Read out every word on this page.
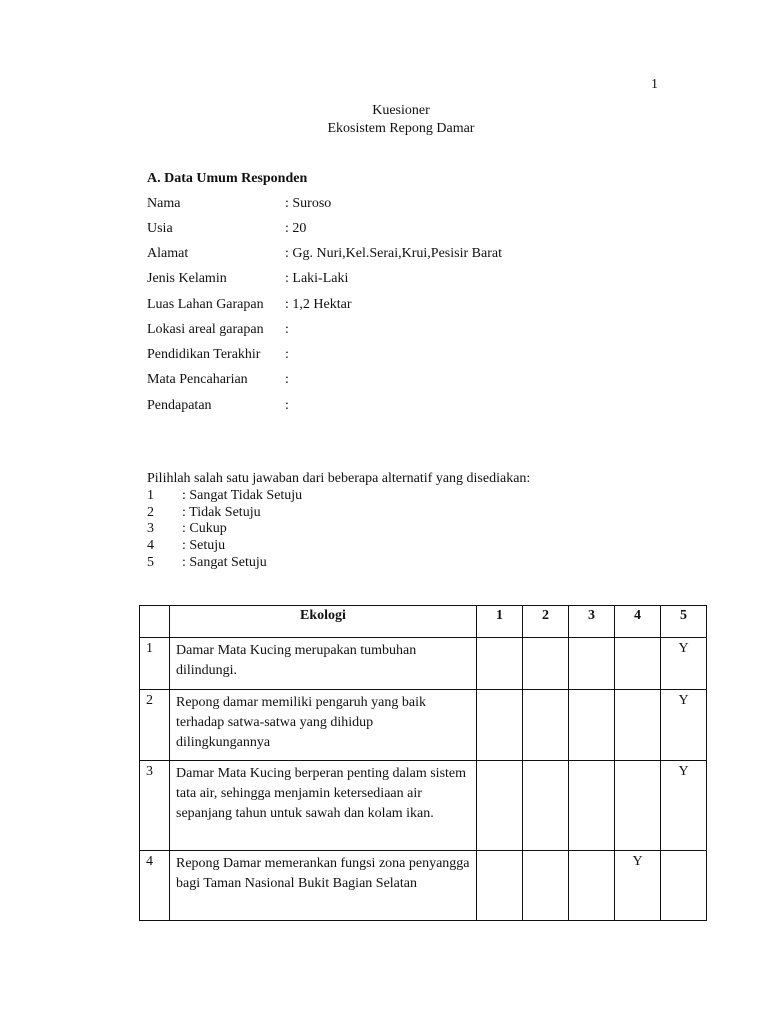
1
Kuesioner
Ekosistem Repong Damar
A. Data Umum Responden
Nama	: Suroso
Usia	: 20
Alamat	: Gg. Nuri,Kel.Serai,Krui,Pesisir Barat
Jenis Kelamin	: Laki-Laki
Luas Lahan Garapan : 1,2 Hektar
Lokasi areal garapan :
Pendidikan Terakhir :
Mata Pencaharian	:
Pendapatan	:
Pilihlah salah satu jawaban dari beberapa alternatif yang disediakan:
1 : Sangat Tidak Setuju
2 : Tidak Setuju
3 : Cukup
4 : Setuju
5 : Sangat Setuju
	Ekologi	1	2	3	4	5
1	Damar Mata Kucing merupakan tumbuhan dilindungi.					Y
2	Repong damar memiliki pengaruh yang baik terhadap satwa-satwa yang dihidup dilingkungannya					Y
3	Damar Mata Kucing berperan penting dalam sistem tata air, sehingga menjamin ketersediaan air sepanjang tahun untuk sawah dan kolam ikan.					Y
4	Repong Damar memerankan fungsi zona penyangga bagi Taman Nasional Bukit Bagian Selatan				Y	
